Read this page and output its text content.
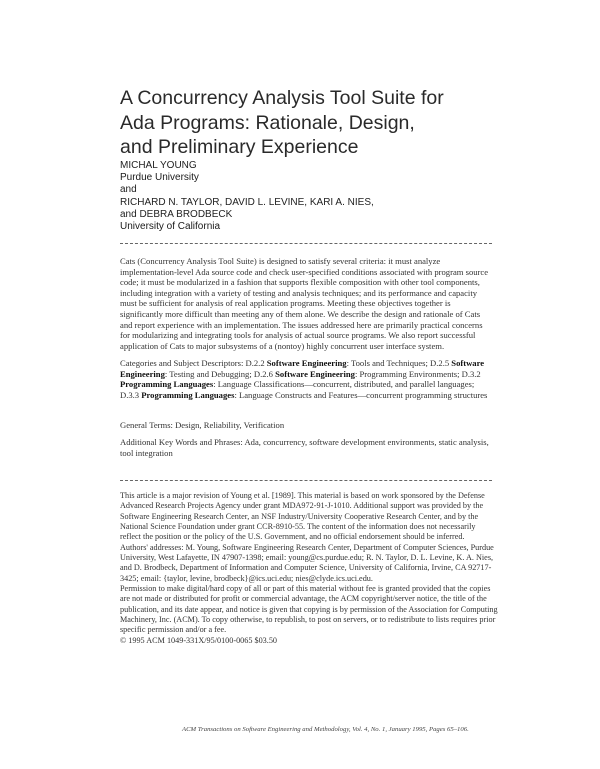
A Concurrency Analysis Tool Suite for
Ada Programs: Rationale, Design,
and Preliminary Experience
MICHAL YOUNG
Purdue University
and
RICHARD N. TAYLOR, DAVID L. LEVINE, KARI A. NIES,
and DEBRA BRODBECK
University of California

Cats (Concurrency Analysis Tool Suite) is designed to satisfy several criteria: it must analyze implementation-level Ada source code and check user-specified conditions associated with program source code; it must be modularized in a fashion that supports flexible composition with other tool components, including integration with a variety of testing and analysis techniques; and its performance and capacity must be sufficient for analysis of real application programs. Meeting these objectives together is significantly more difficult than meeting any of them alone. We describe the design and rationale of Cats and report experience with an implementation. The issues addressed here are primarily practical concerns for modularizing and integrating tools for analysis of actual source programs. We also report successful application of Cats to major subsystems of a (nontoy) highly concurrent user interface system.

Categories and Subject Descriptors: D.2.2 Software Engineering: Tools and Techniques; D.2.5 Software Engineering: Testing and Debugging; D.2.6 Software Engineering: Programming Environments; D.3.2 Programming Languages: Language Classifications—concurrent, distributed, and parallel languages; D.3.3 Programming Languages: Language Constructs and Features—concurrent programming structures

General Terms: Design, Reliability, Verification

Additional Key Words and Phrases: Ada, concurrency, software development environments, static analysis, tool integration

This article is a major revision of Young et al. [1989]. This material is based on work sponsored by the Defense Advanced Research Projects Agency under grant MDA972-91-J-1010. Additional support was provided by the Software Engineering Research Center, an NSF Industry/University Cooperative Research Center, and by the National Science Foundation under grant CCR-8910-55. The content of the information does not necessarily reflect the position or the policy of the U.S. Government, and no official endorsement should be inferred.

Authors' addresses: M. Young, Software Engineering Research Center, Department of Computer Sciences, Purdue University, West Lafayette, IN 47907-1398; email: young@cs.purdue.edu; R. N. Taylor, D. L. Levine, K. A. Nies, and D. Brodbeck, Department of Information and Computer Science, University of California, Irvine, CA 92717-3425; email: {taylor, levine, brodbeck}@ics.uci.edu; nies@clyde.ics.uci.edu.

Permission to make digital/hard copy of all or part of this material without fee is granted provided that the copies are not made or distributed for profit or commercial advantage, the ACM copyright/server notice, the title of the publication, and its date appear, and notice is given that copying is by permission of the Association for Computing Machinery, Inc. (ACM). To copy otherwise, to republish, to post on servers, or to redistribute to lists requires prior specific permission and/or a fee.

© 1995 ACM 1049-331X/95/0100-0065 $03.50

ACM Transactions on Software Engineering and Methodology, Vol. 4, No. 1, January 1995, Pages 65–106.
